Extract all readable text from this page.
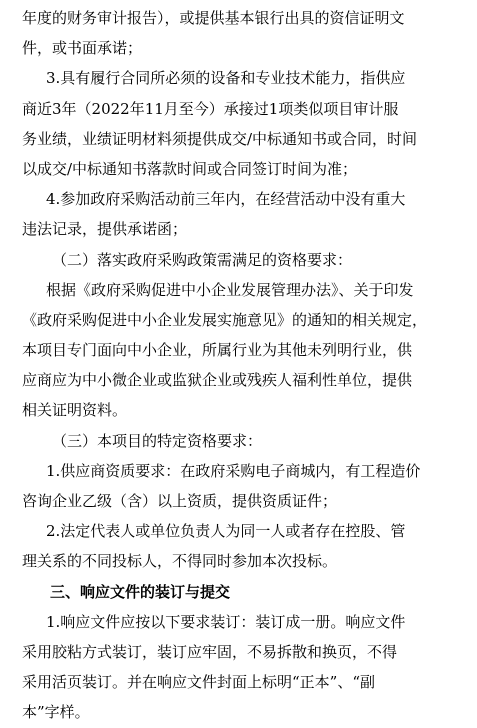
年度的财务审计报告），或提供基本银行出具的资信证明文
件，或书面承诺；
3.具有履行合同所必须的设备和专业技术能力，指供应
商近3年（2022年11月至今）承接过1项类似项目审计服
务业绩，业绩证明材料须提供成交/中标通知书或合同，时间
以成交/中标通知书落款时间或合同签订时间为准；
4.参加政府采购活动前三年内，在经营活动中没有重大
违法记录，提供承诺函；
（二）落实政府采购政策需满足的资格要求：
根据《政府采购促进中小企业发展管理办法》、关于印发
《政府采购促进中小企业发展实施意见》的通知的相关规定，
本项目专门面向中小企业，所属行业为其他未列明行业，供
应商应为中小微企业或监狱企业或残疾人福利性单位，提供
相关证明资料。
（三）本项目的特定资格要求：
1.供应商资质要求：在政府采购电子商城内，有工程造价
咨询企业乙级（含）以上资质，提供资质证件；
2.法定代表人或单位负责人为同一人或者存在控股、管
理关系的不同投标人，不得同时参加本次投标。
三、响应文件的装订与提交
1.响应文件应按以下要求装订：装订成一册。响应文件
采用胶粘方式装订，装订应牢固，不易拆散和换页，不得
采用活页装订。并在响应文件封面上标明“正本”、“副
本”字样。
